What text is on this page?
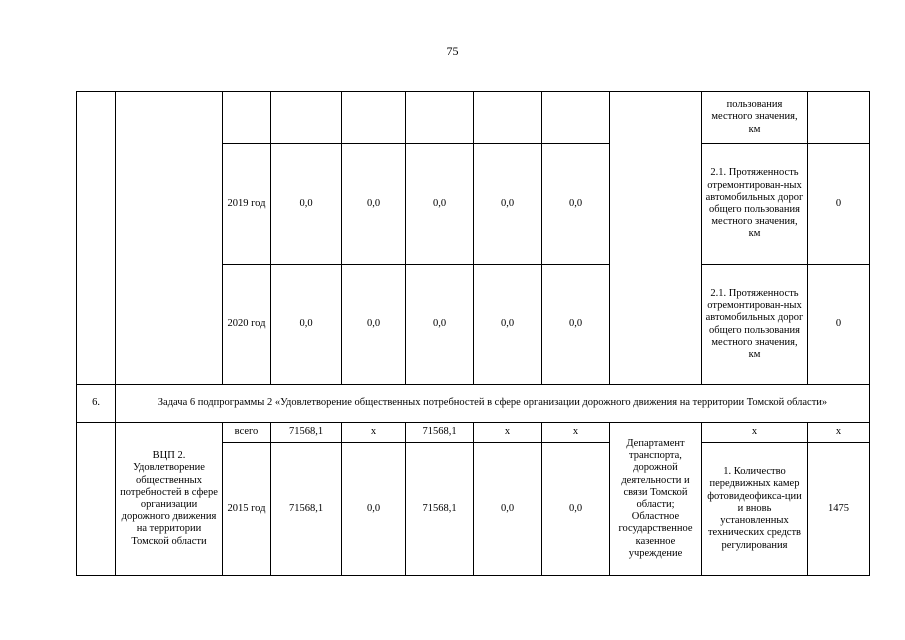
75
									пользования местного значения, км	
		2019 год	0,0	0,0	0,0	0,0	0,0		2.1. Протяженность отремонтирован-ных автомобильных дорог общего пользования местного значения, км	0
		2020 год	0,0	0,0	0,0	0,0	0,0		2.1. Протяженность отремонтирован-ных автомобильных дорог общего пользования местного значения, км	0
6.	Задача 6 подпрограммы 2 «Удовлетворение общественных потребностей в сфере организации дорожного движения на территории Томской области»									
	ВЦП 2. Удовлетворение общественных потребностей в сфере организации дорожного движения на территории Томской области	всего	71568,1	x	71568,1	x	x	Департамент транспорта, дорожной деятельности и связи Томской области; Областное государственное казенное учреждение	x	x
		2015 год	71568,1	0,0	71568,1	0,0	0,0		1. Количество передвижных камер фотовидеофикса-ции и вновь установленных технических средств регулирования	1475
